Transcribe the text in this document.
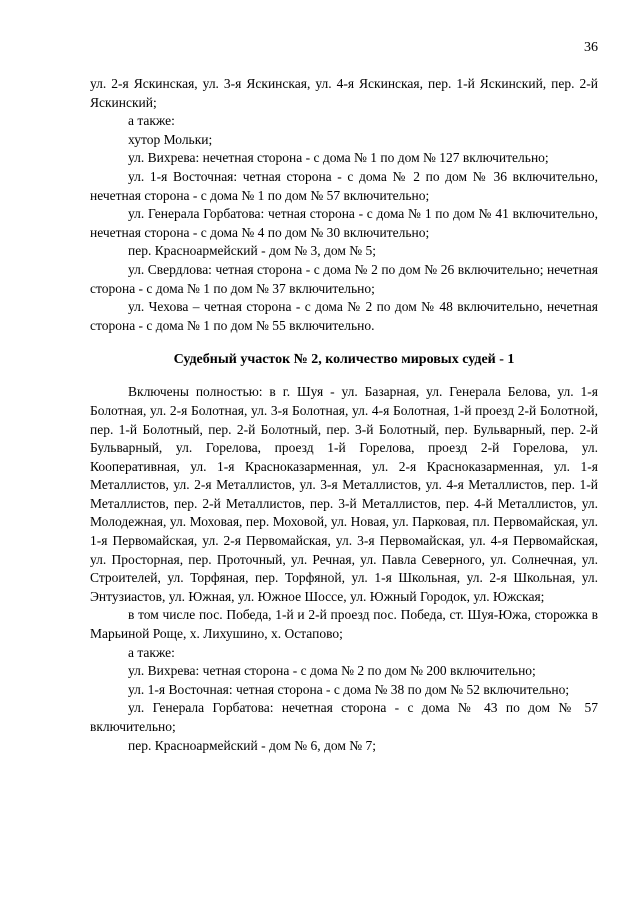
36

ул. 2-я Яскинская, ул. 3-я Яскинская, ул. 4-я Яскинская, пер. 1-й Яскинский, пер. 2-й Яскинский;

а также:

хутор Мольки;

ул. Вихрева: нечетная сторона - с дома № 1 по дом № 127 включительно;

ул. 1-я Восточная: четная сторона - с дома № 2 по дом № 36 включительно, нечетная сторона - с дома № 1 по дом № 57 включительно;

ул. Генерала Горбатова: четная сторона - с дома № 1 по дом № 41 включительно, нечетная сторона - с дома № 4 по дом № 30 включительно;

пер. Красноармейский - дом № 3, дом № 5;

ул. Свердлова: четная сторона - с дома № 2 по дом № 26 включительно; нечетная сторона - с дома № 1 по дом № 37 включительно;

ул. Чехова – четная сторона - с дома № 2 по дом № 48 включительно, нечетная сторона - с дома № 1 по дом № 55 включительно.

Судебный участок № 2, количество мировых судей - 1

Включены полностью: в г. Шуя - ул. Базарная, ул. Генерала Белова, ул. 1-я Болотная, ул. 2-я Болотная, ул. 3-я Болотная, ул. 4-я Болотная, 1-й проезд 2-й Болотной, пер. 1-й Болотный, пер. 2-й Болотный, пер. 3-й Болотный, пер. Бульварный, пер. 2-й Бульварный, ул. Горелова, проезд 1-й Горелова, проезд 2-й Горелова, ул. Кооперативная, ул. 1-я Красноказарменная, ул. 2-я Красноказарменная, ул. 1-я Металлистов, ул. 2-я Металлистов, ул. 3-я Металлистов, ул. 4-я Металлистов, пер. 1-й Металлистов, пер. 2-й Металлистов, пер. 3-й Металлистов, пер. 4-й Металлистов, ул. Молодежная, ул. Моховая, пер. Моховой, ул. Новая, ул. Парковая, пл. Первомайская, ул. 1-я Первомайская, ул. 2-я Первомайская, ул. 3-я Первомайская, ул. 4-я Первомайская, ул. Просторная, пер. Проточный, ул. Речная, ул. Павла Северного, ул. Солнечная, ул. Строителей, ул. Торфяная, пер. Торфяной, ул. 1-я Школьная, ул. 2-я Школьная, ул. Энтузиастов, ул. Южная, ул. Южное Шоссе, ул. Южный Городок, ул. Южская;

в том числе пос. Победа, 1-й и 2-й проезд пос. Победа, ст. Шуя-Южа, сторожка в Марьиной Роще, х. Лихушино, х. Остапово;

а также:

ул. Вихрева: четная сторона - с дома № 2 по дом № 200 включительно;

ул. 1-я Восточная: четная сторона - с дома № 38 по дом № 52 включительно;

ул. Генерала Горбатова: нечетная сторона - с дома № 43 по дом № 57 включительно;

пер. Красноармейский - дом № 6, дом № 7;
